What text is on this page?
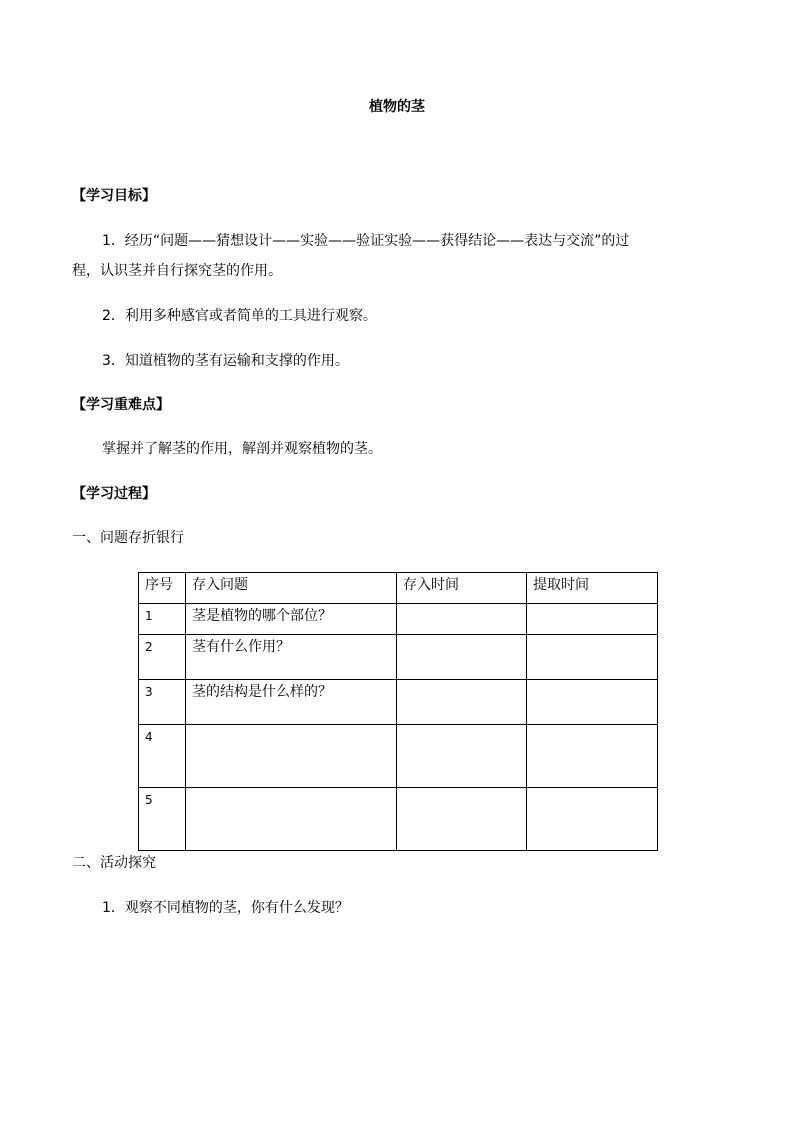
植物的茎
【学习目标】
1．经历“问题——猜想设计——实验——验证实验——获得结论——表达与交流”的过
程，认识茎并自行探究茎的作用。
2．利用多种感官或者简单的工具进行观察。
3．知道植物的茎有运输和支撑的作用。
【学习重难点】
掌握并了解茎的作用，解剖并观察植物的茎。
【学习过程】
一、问题存折银行
序号	存入问题	存入时间	提取时间
1	茎是植物的哪个部位？		
2	茎有什么作用？		
3	茎的结构是什么样的？		
4			
5			
二、活动探究
1．观察不同植物的茎，你有什么发现？
